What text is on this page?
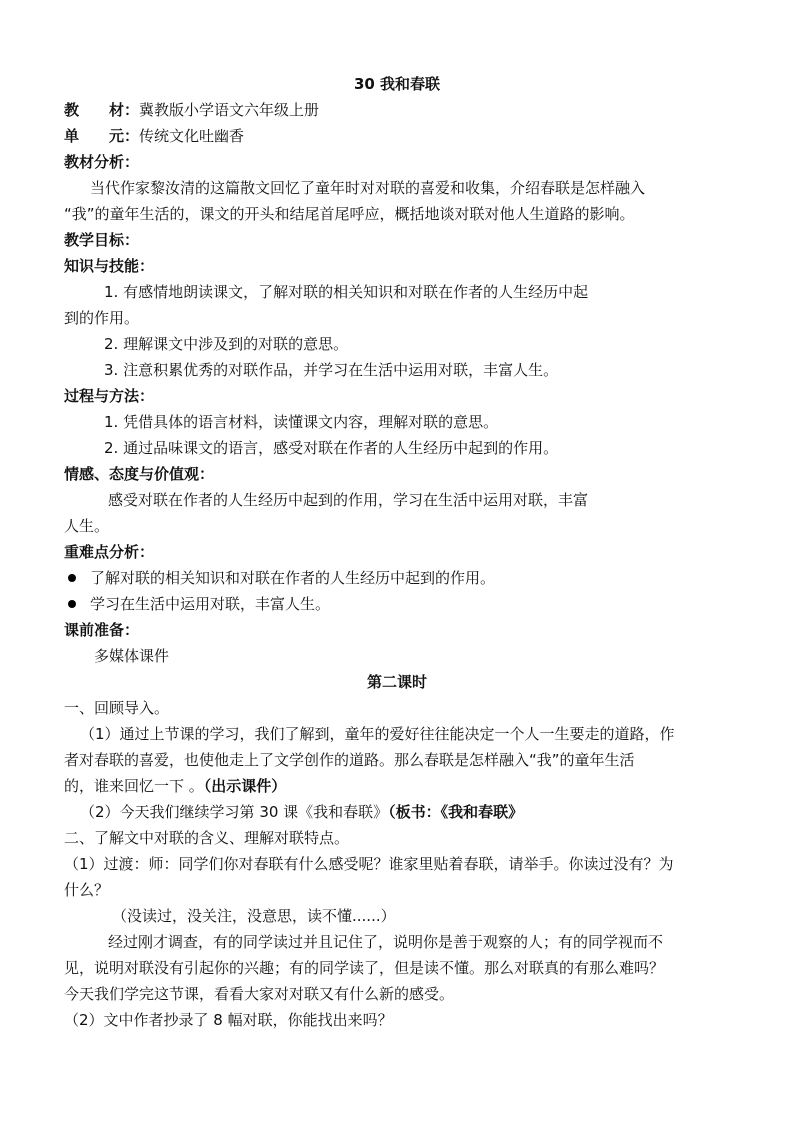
30 我和春联
教 材：冀教版小学语文六年级上册
单 元：传统文化吐幽香
教材分析：
当代作家黎汝清的这篇散文回忆了童年时对对联的喜爱和收集，介绍春联是怎样融入
“我”的童年生活的，课文的开头和结尾首尾呼应，概括地谈对联对他人生道路的影响。
教学目标：
知识与技能：
1. 有感情地朗读课文，了解对联的相关知识和对联在作者的人生经历中起
到的作用。
2. 理解课文中涉及到的对联的意思。
3. 注意积累优秀的对联作品，并学习在生活中运用对联，丰富人生。
过程与方法：
1. 凭借具体的语言材料，读懂课文内容，理解对联的意思。
2. 通过品味课文的语言，感受对联在作者的人生经历中起到的作用。
情感、态度与价值观：
感受对联在作者的人生经历中起到的作用，学习在生活中运用对联，丰富
人生。
重难点分析：
了解对联的相关知识和对联在作者的人生经历中起到的作用。
学习在生活中运用对联，丰富人生。
课前准备：
多媒体课件
第二课时
一、回顾导入。
（1）通过上节课的学习，我们了解到，童年的爱好往往能决定一个人一生要走的道路，作
者对春联的喜爱，也使他走上了文学创作的道路。那么春联是怎样融入“我”的童年生活
的，谁来回忆一下 。（出示课件）
（2）今天我们继续学习第 30 课《我和春联》（板书：《我和春联》
二、了解文中对联的含义、理解对联特点。
（1）过渡：师：同学们你对春联有什么感受呢？谁家里贴着春联，请举手。你读过没有？为
什么？
（没读过，没关注，没意思，读不懂......）
经过刚才调查，有的同学读过并且记住了，说明你是善于观察的人；有的同学视而不
见，说明对联没有引起你的兴趣；有的同学读了，但是读不懂。那么对联真的有那么难吗？
今天我们学完这节课，看看大家对对联又有什么新的感受。
（2）文中作者抄录了 8 幅对联，你能找出来吗？
